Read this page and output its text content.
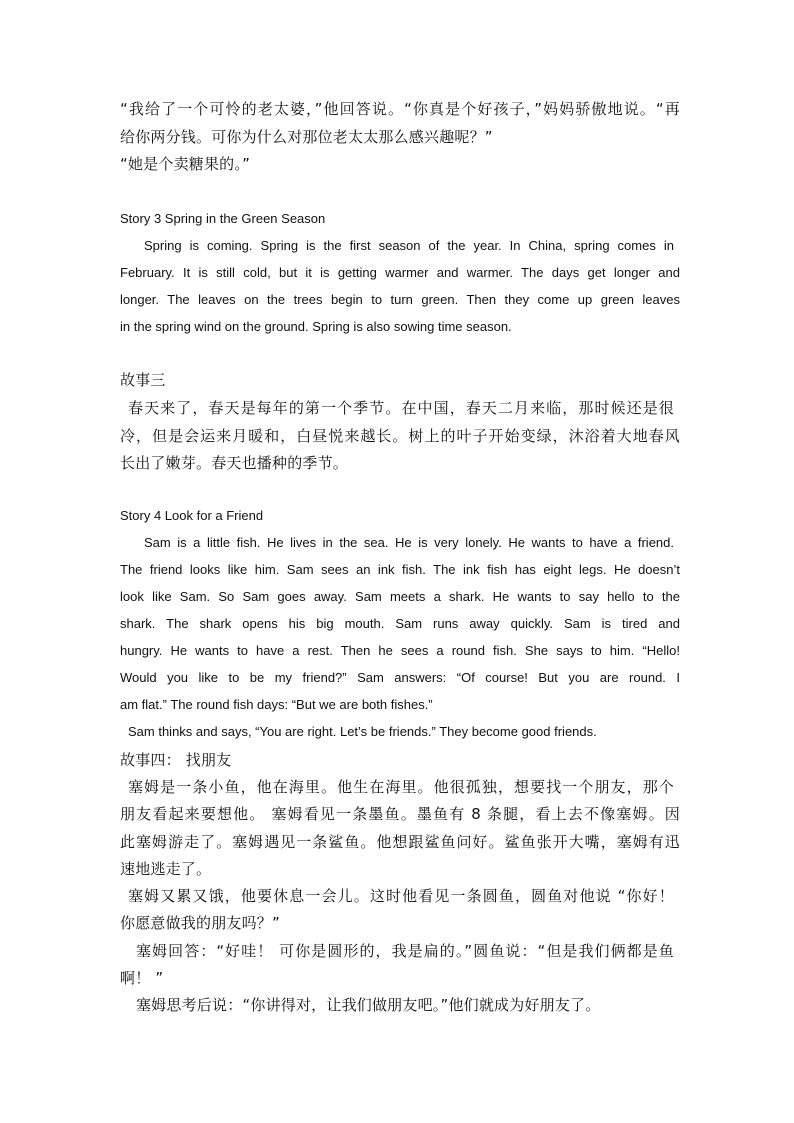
“我给了一个可怜的老太婆，”他回答说。“你真是个好孩子，”妈妈骄傲地说。“再
给你两分钱。可你为什么对那位老太太那么感兴趣呢？”
“她是个卖糖果的。”
Story 3 Spring in the Green Season
Spring is coming. Spring is the first season of the year. In China, spring comes in
February. It is still cold, but it is getting warmer and warmer. The days get longer and
longer. The leaves on the trees begin to turn green. Then they come up green leaves
in the spring wind on the ground. Spring is also sowing time season.
故事三
春天来了，春天是每年的第一个季节。在中国，春天二月来临，那时候还是很
冷，但是会运来月暖和，白昼悦来越长。树上的叶子开始变绿，沐浴着大地春风
长出了嫩芽。春天也播种的季节。
Story 4 Look for a Friend
Sam is a little fish. He lives in the sea. He is very lonely. He wants to have a friend.
The friend looks like him. Sam sees an ink fish. The ink fish has eight legs. He doesn’t
look like Sam. So Sam goes away. Sam meets a shark. He wants to say hello to the
shark. The shark opens his big mouth. Sam runs away quickly. Sam is tired and
hungry. He wants to have a rest. Then he sees a round fish. She says to him. “Hello!
Would you like to be my friend?” Sam answers: “Of course! But you are round. I
am flat.” The round fish days: “But we are both fishes.”
Sam thinks and says, “You are right. Let’s be friends.” They become good friends.
故事四： 找朋友
塞姆是一条小鱼，他在海里。他生在海里。他很孤独，想要找一个朋友，那个
朋友看起来要想他。 塞姆看见一条墨鱼。墨鱼有 8 条腿，看上去不像塞姆。因
此塞姆游走了。塞姆遇见一条鲨鱼。他想跟鲨鱼问好。鲨鱼张开大嘴，塞姆有迅
速地逃走了。
塞姆又累又饿，他要休息一会儿。这时他看见一条圆鱼，圆鱼对他说 “你好！
你愿意做我的朋友吗？”
塞姆回答：“好哇！ 可你是圆形的，我是扁的。”圆鱼说：“但是我们俩都是鱼
啊！ ”
塞姆思考后说：“你讲得对，让我们做朋友吧。”他们就成为好朋友了。
